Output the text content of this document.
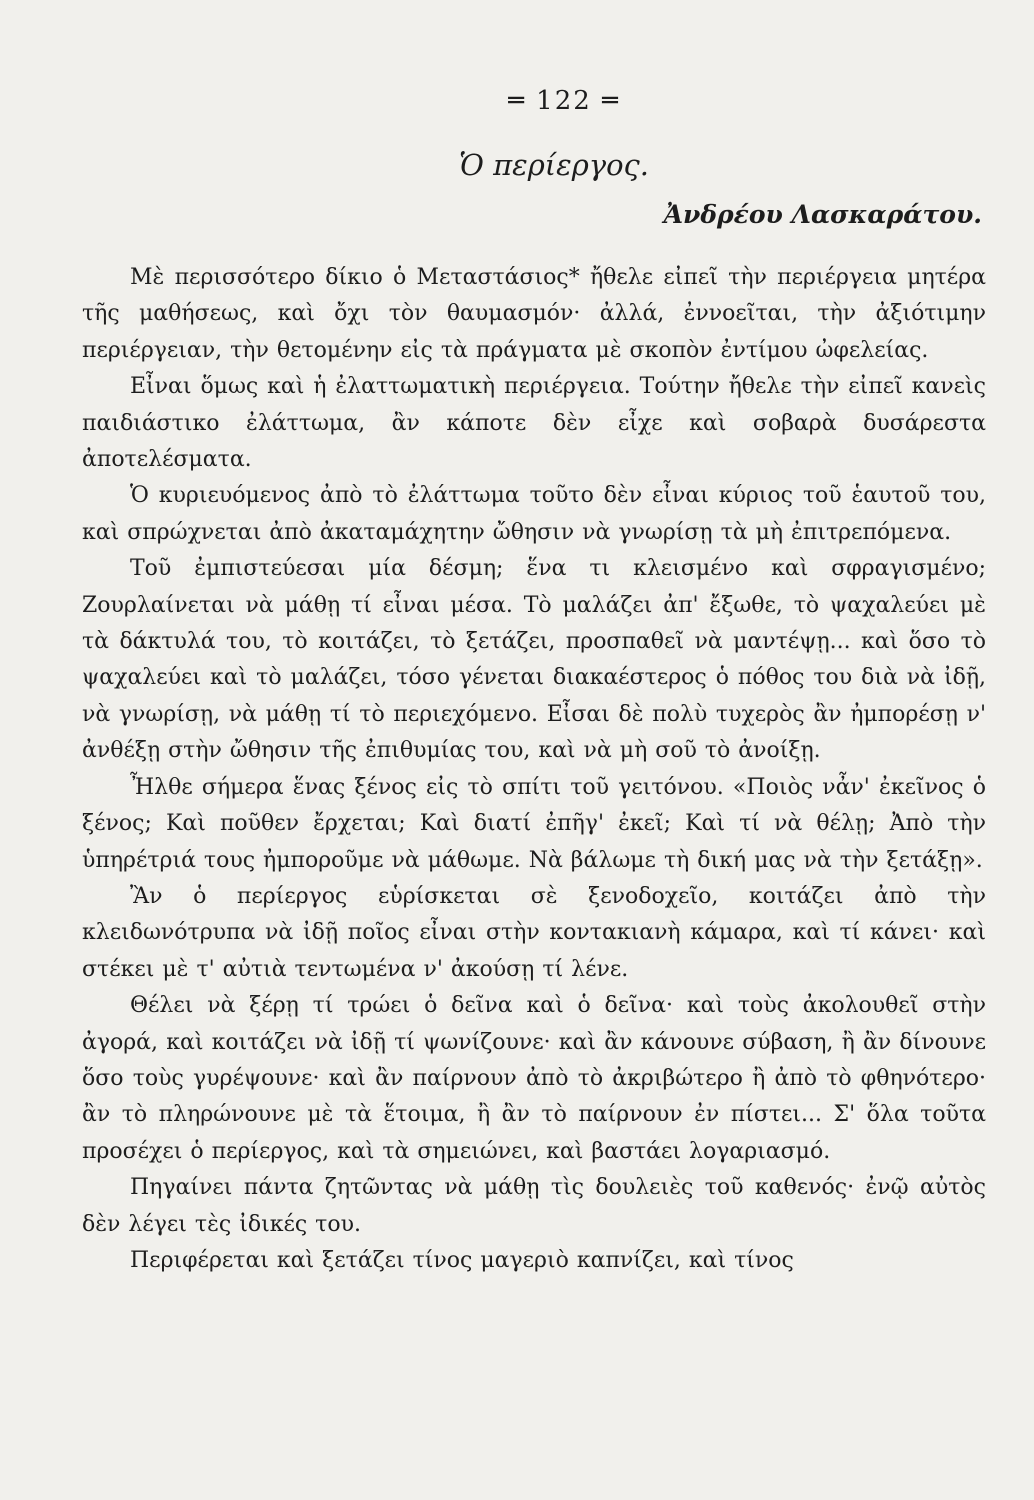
═ 122 ═
Ὁ περίεργος.
Ἀνδρέου Λασκαράτου.

Μὲ περισσότερο δίκιο ὁ Μεταστάσιος* ἤθελε εἰπεῖ τὴν περιέργεια μητέρα τῆς μαθήσεως, καὶ ὄχι τὸν θαυμασμόν· ἀλλά, ἐννοεῖται, τὴν ἀξιότιμην περιέργειαν, τὴν θετομένην εἰς τὰ πράγματα μὲ σκοπὸν ἐντίμου ὠφελείας.

Εἶναι ὅμως καὶ ἡ ἐλαττωματικὴ περιέργεια. Τούτην ἤθελε τὴν εἰπεῖ κανεὶς παιδιάστικο ἐλάττωμα, ἂν κάποτε δὲν εἶχε καὶ σοβαρὰ δυσάρεστα ἀποτελέσματα.

Ὁ κυριευόμενος ἀπὸ τὸ ἐλάττωμα τοῦτο δὲν εἶναι κύριος τοῦ ἑαυτοῦ του, καὶ σπρώχνεται ἀπὸ ἀκαταμάχητην ὤθησιν νὰ γνωρίσῃ τὰ μὴ ἐπιτρεπόμενα.

Τοῦ ἐμπιστεύεσαι μία δέσμη; ἕνα τι κλεισμένο καὶ σφραγισμένο; Ζουρλαίνεται νὰ μάθῃ τί εἶναι μέσα. Τὸ μαλάζει ἀπ' ἔξωθε, τὸ ψαχαλεύει μὲ τὰ δάκτυλά του, τὸ κοιτάζει, τὸ ξετάζει, προσπαθεῖ νὰ μαντέψῃ... καὶ ὅσο τὸ ψαχαλεύει καὶ τὸ μαλάζει, τόσο γένεται διακαέστερος ὁ πόθος του διὰ νὰ ἰδῇ, νὰ γνωρίσῃ, νὰ μάθῃ τί τὸ περιεχόμενο. Εἶσαι δὲ πολὺ τυχερὸς ἂν ἠμπορέσῃ ν' ἀνθέξῃ στὴν ὤθησιν τῆς ἐπιθυμίας του, καὶ νὰ μὴ σοῦ τὸ ἀνοίξῃ.

Ἦλθε σήμερα ἕνας ξένος εἰς τὸ σπίτι τοῦ γειτόνου. «Ποιὸς νἆν' ἐκεῖνος ὁ ξένος; Καὶ ποῦθεν ἔρχεται; Καὶ διατί ἐπῆγ' ἐκεῖ; Καὶ τί νὰ θέλῃ; Ἀπὸ τὴν ὑπηρέτριά τους ἠμποροῦμε νὰ μάθωμε. Νὰ βάλωμε τὴ δική μας νὰ τὴν ξετάξῃ».

Ἂν ὁ περίεργος εὑρίσκεται σὲ ξενοδοχεῖο, κοιτάζει ἀπὸ τὴν κλειδωνότρυπα νὰ ἰδῇ ποῖος εἶναι στὴν κοντακιανὴ κάμαρα, καὶ τί κάνει· καὶ στέκει μὲ τ' αὐτιὰ τεντωμένα ν' ἀκούσῃ τί λένε.

Θέλει νὰ ξέρῃ τί τρώει ὁ δεῖνα καὶ ὁ δεῖνα· καὶ τοὺς ἀκολουθεῖ στὴν ἀγορά, καὶ κοιτάζει νὰ ἰδῇ τί ψωνίζουνε· καὶ ἂν κάνουνε σύβαση, ἢ ἂν δίνουνε ὅσο τοὺς γυρέψουνε· καὶ ἂν παίρνουν ἀπὸ τὸ ἀκριβώτερο ἢ ἀπὸ τὸ φθηνότερο· ἂν τὸ πληρώνουνε μὲ τὰ ἕτοιμα, ἢ ἂν τὸ παίρνουν ἐν πίστει... Σ' ὅλα τοῦτα προσέχει ὁ περίεργος, καὶ τὰ σημειώνει, καὶ βαστάει λογαριασμό.

Πηγαίνει πάντα ζητῶντας νὰ μάθῃ τὶς δουλειὲς τοῦ καθενός· ἐνῷ αὐτὸς δὲν λέγει τὲς ἰδικές του.

Περιφέρεται καὶ ξετάζει τίνος μαγεριὸ καπνίζει, καὶ τίνος
